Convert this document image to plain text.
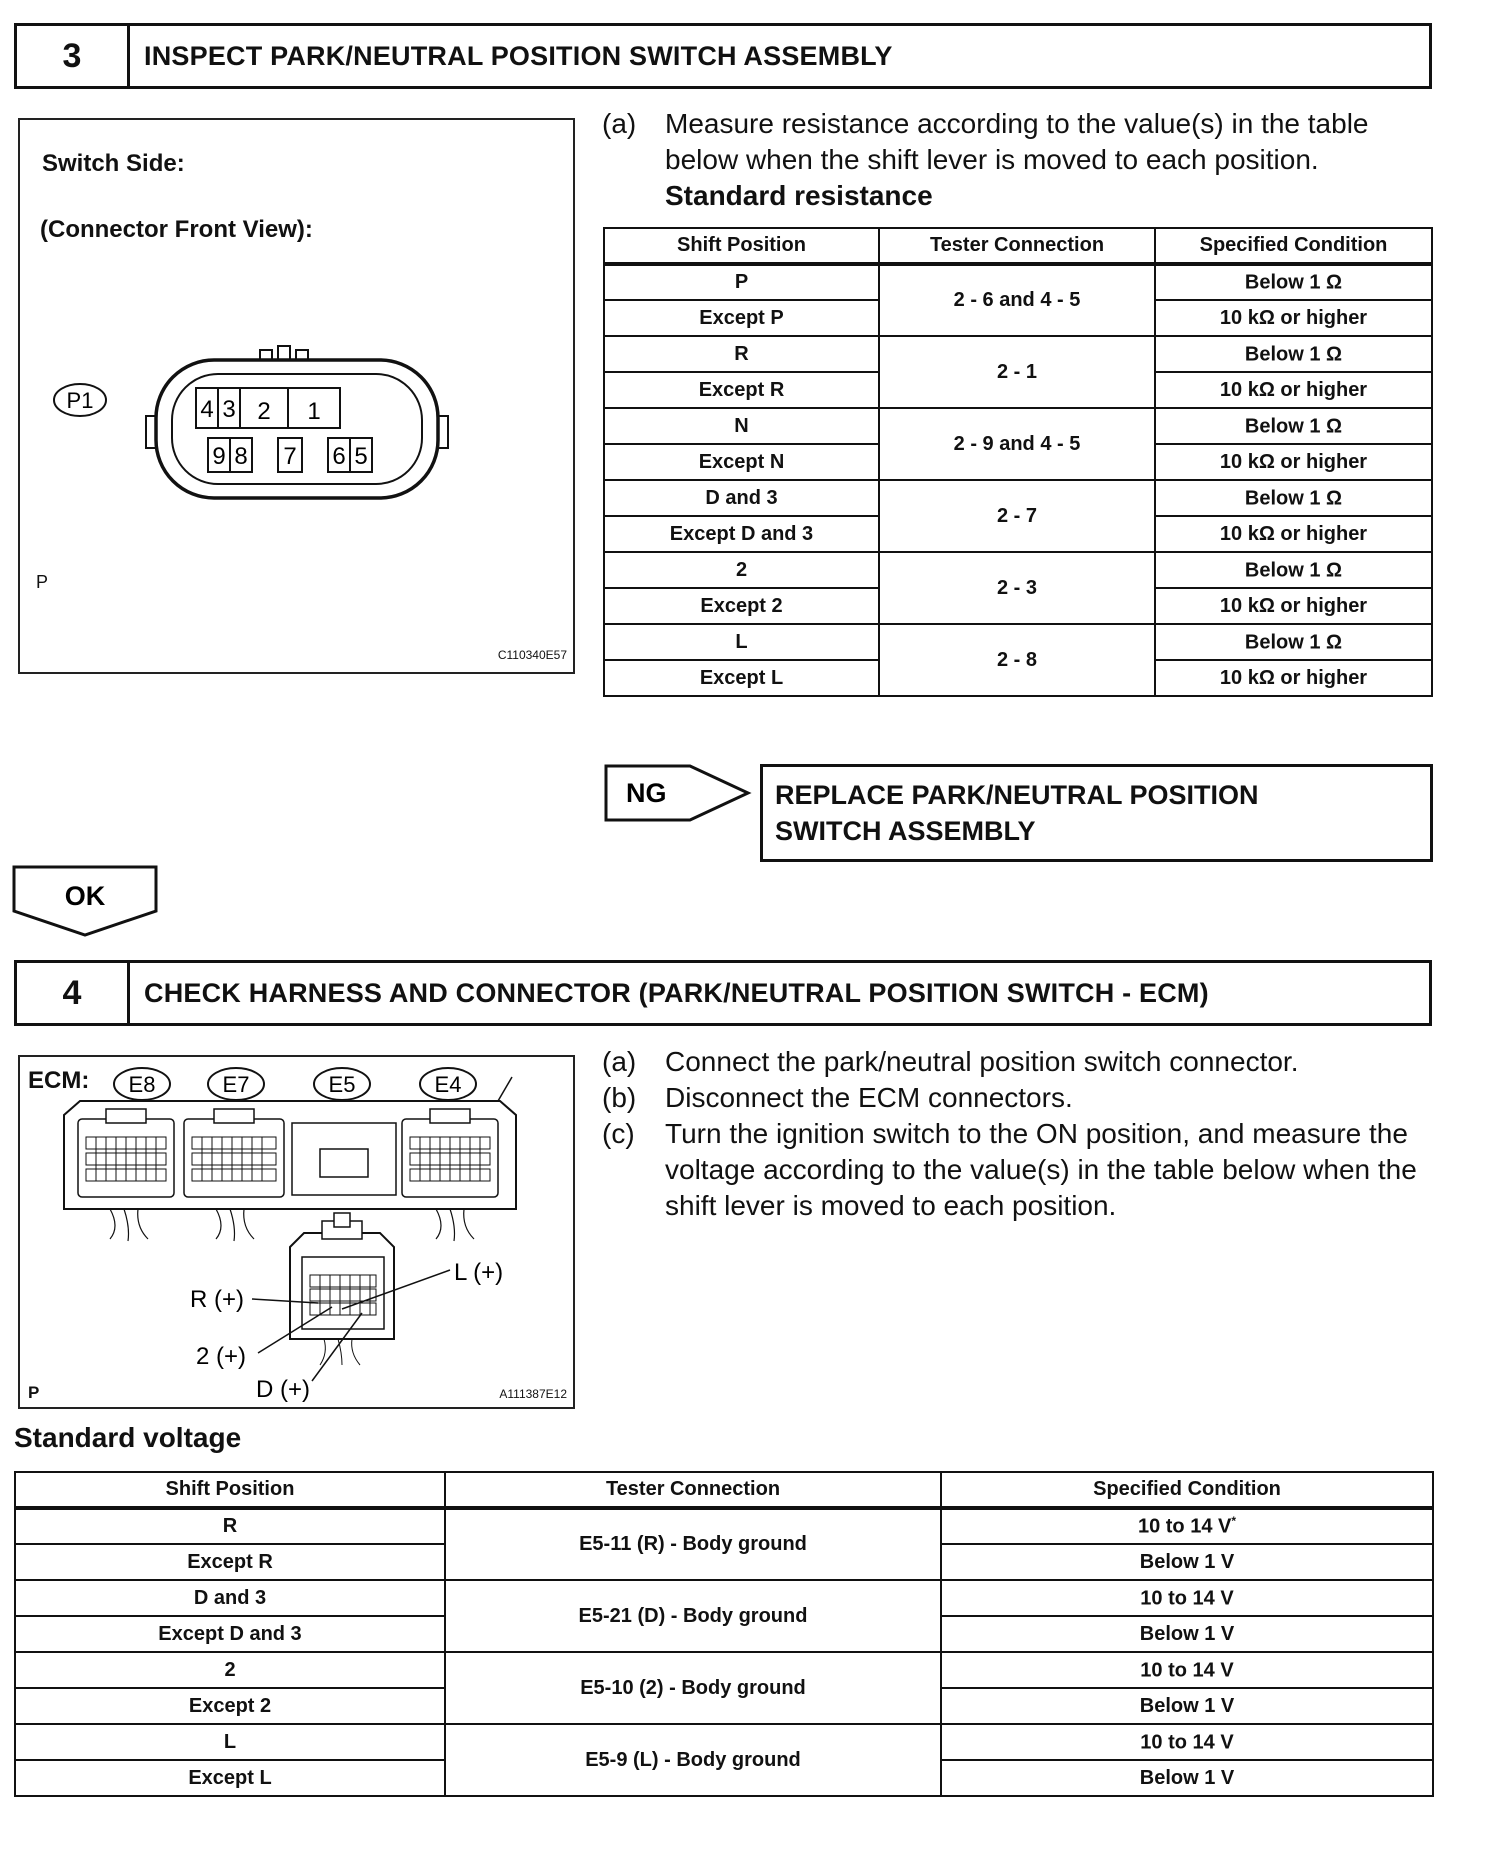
3	INSPECT PARK/NEUTRAL POSITION SWITCH ASSEMBLY
Switch Side:
(Connector Front View):
P1	4 3 2 1
9 8 7 6 5
P
C110340E57
(a)	Measure resistance according to the value(s) in the table below when the shift lever is moved to each position.
Standard resistance
Shift Position	Tester Connection	Specified Condition
P	2 - 6 and 4 - 5	Below 1 Ω
Except P		10 kΩ or higher
R	2 - 1	Below 1 Ω
Except R		10 kΩ or higher
N	2 - 9 and 4 - 5	Below 1 Ω
Except N		10 kΩ or higher
D and 3	2 - 7	Below 1 Ω
Except D and 3		10 kΩ or higher
2	2 - 3	Below 1 Ω
Except 2		10 kΩ or higher
L	2 - 8	Below 1 Ω
Except L		10 kΩ or higher
NG	REPLACE PARK/NEUTRAL POSITION
SWITCH ASSEMBLY
OK
4	CHECK HARNESS AND CONNECTOR (PARK/NEUTRAL POSITION SWITCH - ECM)
ECM: E8	E7	E5	E4
L (+)
R (+)
2 (+)
D (+)
P	A111387E12
(a)	Connect the park/neutral position switch connector.
(b)	Disconnect the ECM connectors.
(c)	Turn the ignition switch to the ON position, and measure the voltage according to the value(s) in the table below when the shift lever is moved to each position.
Standard voltage
Shift Position	Tester Connection	Specified Condition
R	E5-11 (R) - Body ground	10 to 14 V*
Except R		Below 1 V
D and 3	E5-21 (D) - Body ground	10 to 14 V
Except D and 3		Below 1 V
2	E5-10 (2) - Body ground	10 to 14 V
Except 2		Below 1 V
L	E5-9 (L) - Body ground	10 to 14 V
Except L		Below 1 V
